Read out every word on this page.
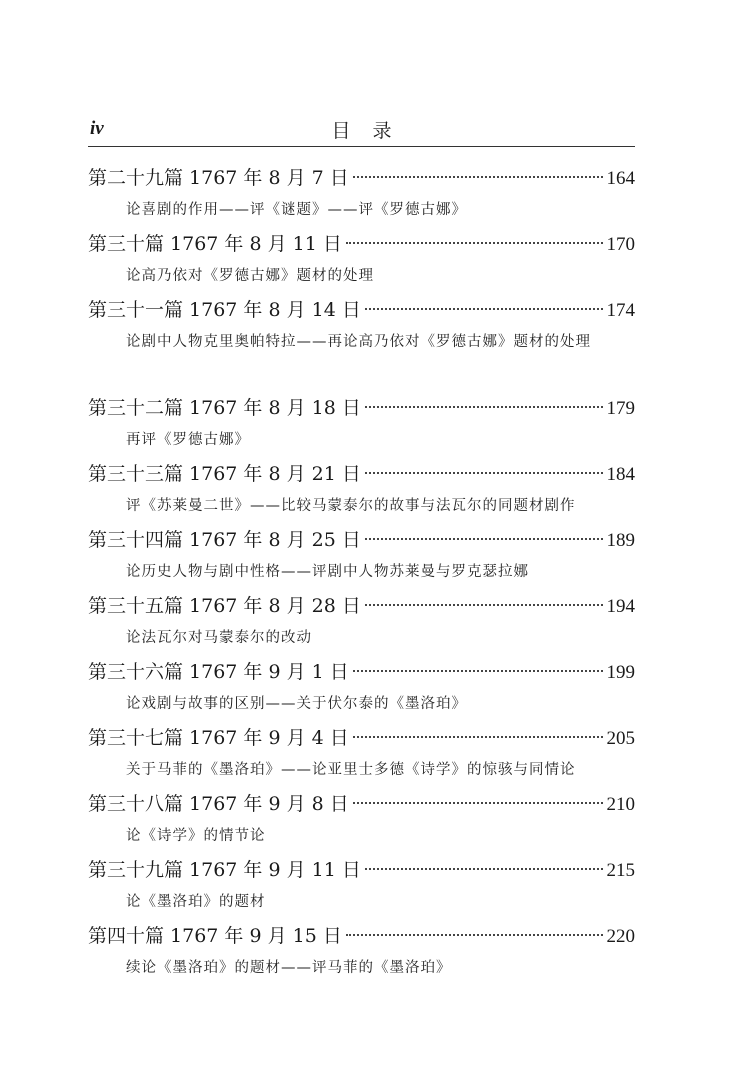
iv	目录
第二十九篇 1767 年 8 月 7 日	164
论喜剧的作用——评《谜题》——评《罗德古娜》
第三十篇 1767 年 8 月 11 日	170
论高乃依对《罗德古娜》题材的处理
第三十一篇 1767 年 8 月 14 日	174
论剧中人物克里奥帕特拉——再论高乃依对《罗德古娜》题材的处理
第三十二篇 1767 年 8 月 18 日	179
再评《罗德古娜》
第三十三篇 1767 年 8 月 21 日	184
评《苏莱曼二世》——比较马蒙泰尔的故事与法瓦尔的同题材剧作
第三十四篇 1767 年 8 月 25 日	189
论历史人物与剧中性格——评剧中人物苏莱曼与罗克瑟拉娜
第三十五篇 1767 年 8 月 28 日	194
论法瓦尔对马蒙泰尔的改动
第三十六篇 1767 年 9 月 1 日	199
论戏剧与故事的区别——关于伏尔泰的《墨洛珀》
第三十七篇 1767 年 9 月 4 日	205
关于马菲的《墨洛珀》——论亚里士多德《诗学》的惊骇与同情论
第三十八篇 1767 年 9 月 8 日	210
论《诗学》的情节论
第三十九篇 1767 年 9 月 11 日	215
论《墨洛珀》的题材
第四十篇 1767 年 9 月 15 日	220
续论《墨洛珀》的题材——评马菲的《墨洛珀》
